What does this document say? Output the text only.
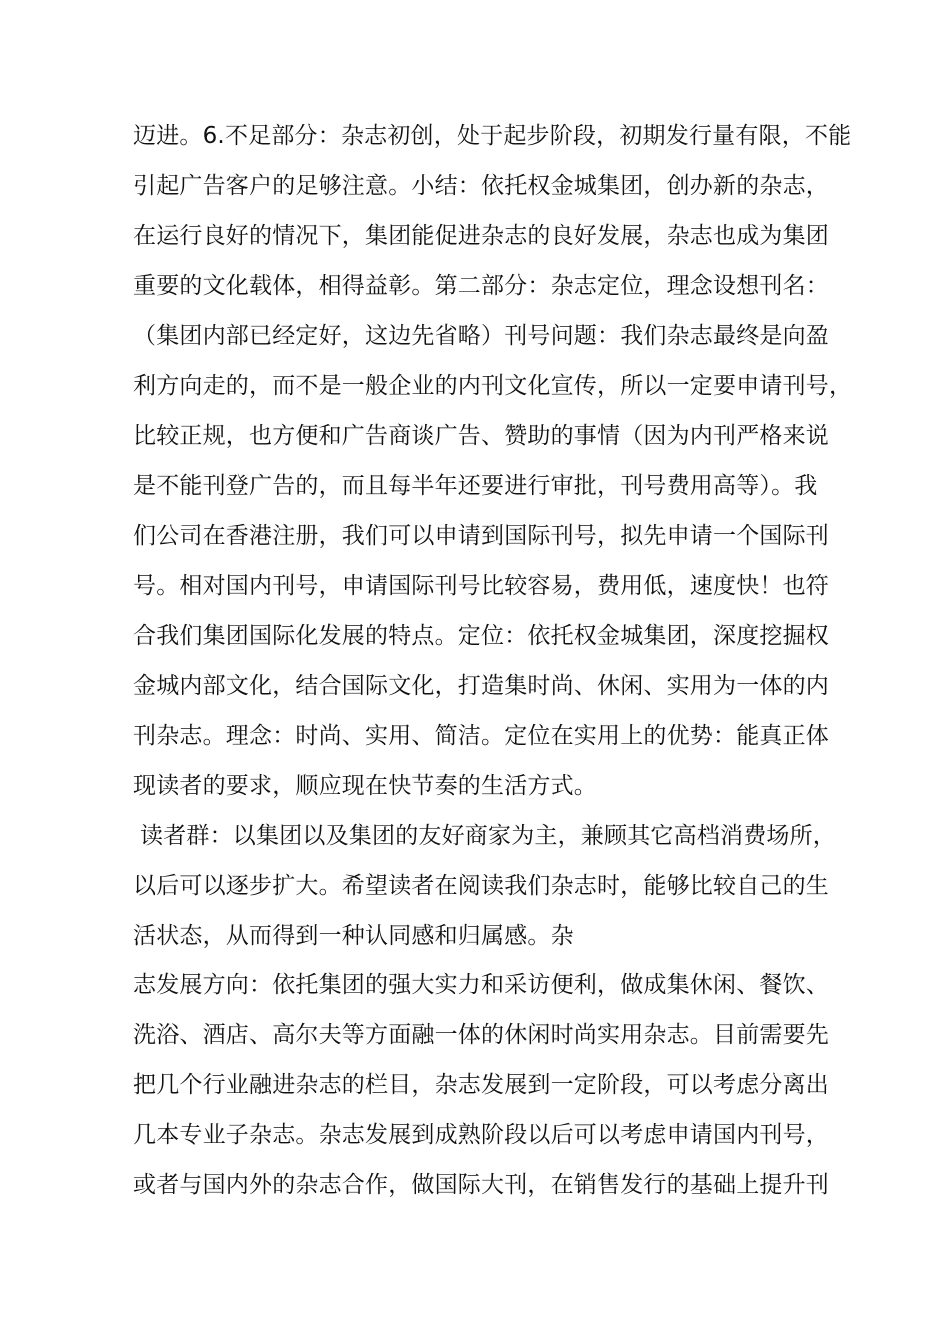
迈进。6.不足部分：杂志初创，处于起步阶段，初期发行量有限，不能
引起广告客户的足够注意。小结：依托权金城集团，创办新的杂志，
在运行良好的情况下，集团能促进杂志的良好发展，杂志也成为集团
重要的文化载体，相得益彰。第二部分：杂志定位，理念设想刊名：
（集团内部已经定好，这边先省略）刊号问题：我们杂志最终是向盈
利方向走的，而不是一般企业的内刊文化宣传，所以一定要申请刊号，
比较正规，也方便和广告商谈广告、赞助的事情（因为内刊严格来说
是不能刊登广告的，而且每半年还要进行审批，刊号费用高等）。我
们公司在香港注册，我们可以申请到国际刊号，拟先申请一个国际刊
号。相对国内刊号，申请国际刊号比较容易，费用低，速度快！也符
合我们集团国际化发展的特点。定位：依托权金城集团，深度挖掘权
金城内部文化，结合国际文化，打造集时尚、休闲、实用为一体的内
刊杂志。理念：时尚、实用、简洁。定位在实用上的优势：能真正体
现读者的要求，顺应现在快节奏的生活方式。
读者群：以集团以及集团的友好商家为主，兼顾其它高档消费场所，
以后可以逐步扩大。希望读者在阅读我们杂志时，能够比较自己的生
活状态，从而得到一种认同感和归属感。杂
志发展方向：依托集团的强大实力和采访便利，做成集休闲、餐饮、
洗浴、酒店、高尔夫等方面融一体的休闲时尚实用杂志。目前需要先
把几个行业融进杂志的栏目，杂志发展到一定阶段，可以考虑分离出
几本专业子杂志。杂志发展到成熟阶段以后可以考虑申请国内刊号，
或者与国内外的杂志合作，做国际大刊，在销售发行的基础上提升刊
